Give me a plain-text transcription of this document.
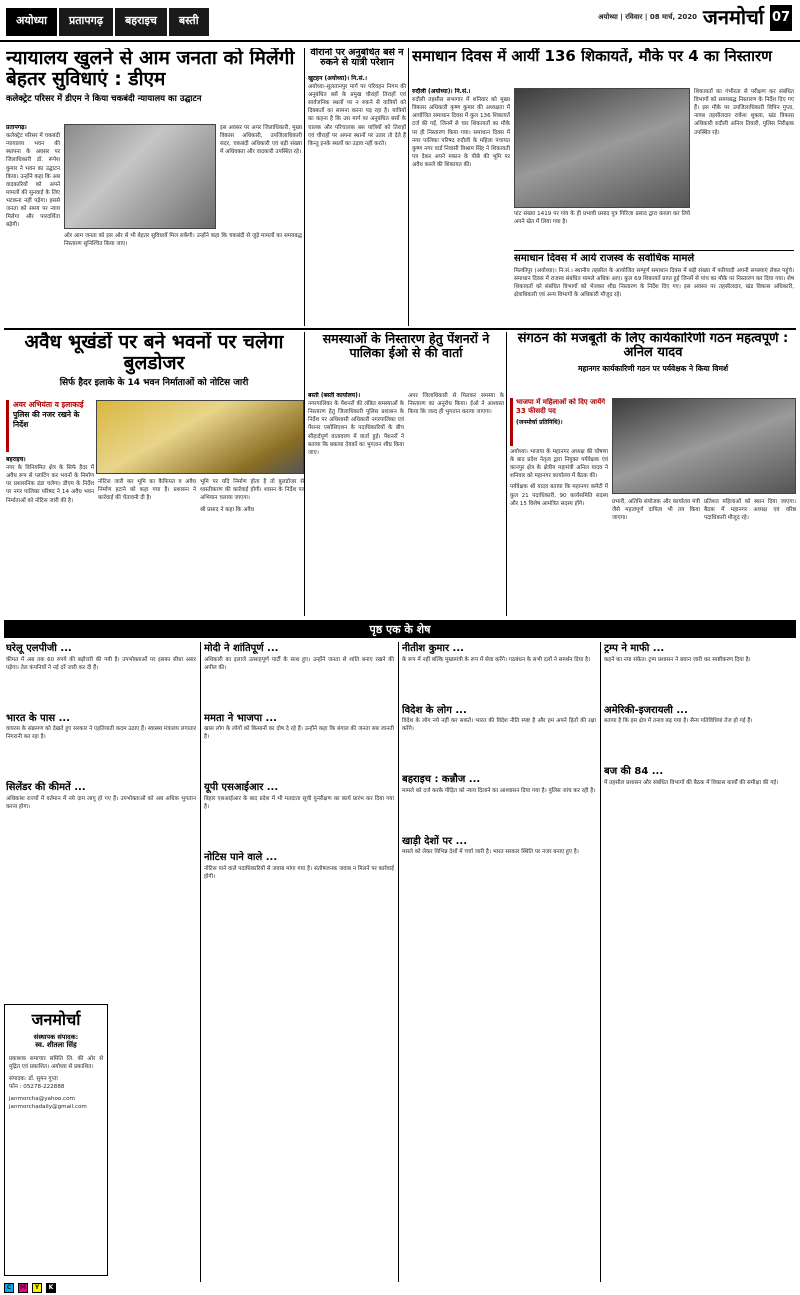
अयोध्या	प्रतापगढ़	बहराइच	बस्ती	अयोध्या | रविवार | 08 मार्च, 2020 जनमोर्चा 07
न्यायालय खुलने से आम जनता को मिलेंगी बेहतर सुविधाएं : डीएम
कलेक्ट्रेट परिसर में डीएम ने किया चकबंदी न्यायालय का उद्घाटन
प्रतापगढ़।
कलेक्ट्रेट परिसर में चकबंदी न्यायालय भवन की स्थापना के अवसर पर जिलाधिकारी डॉ. रूपेश कुमार ने भवन का उद्घाटन किया। उन्होंने कहा कि अब वादकारियों को अपने मामलों की सुनवाई के लिए भटकना नहीं पड़ेगा। इससे जनता को समय पर न्याय मिलेगा और पारदर्शिता बढ़ेगी।
इस अवसर पर अपर जिलाधिकारी, मुख्य विकास अधिकारी, उपजिलाधिकारी सदर, चकबंदी अधिकारी एवं बड़ी संख्या में अधिवक्ता और वादकारी उपस्थित रहे।
ओर आम जनता को इस ओर से भी बेहतर सुविधायें मिल सकेंगी। उन्होंने कहा कि चकबंदी से जुड़े मामलों का समयबद्ध निस्तारण सुनिश्चित किया जाए।
वीरानों पर अनुबंधित बसें न रुकने से यात्री परेशान
खुटहन (अयोध्या)। नि.सं.।
अयोध्या–सुलतानपुर मार्ग पर परिवहन निगम की अनुबंधित बसें के प्रमुख चौराहों तिराहों एवं सार्वजनिक स्थलों पर न रुकने से यात्रियों को दिक्कतों का सामना करना पड़ रहा है। यात्रियों का कहना है कि उस मार्ग पर अनुबंधित बसों के चालक और परिचालक बस यात्रियों को तिराहों एवं चौराहों पर अपना स्थानों पर उतार तो देते हैं किन्तु इनके स्थलों का उड़ाव नहीं करते।
समाधान दिवस में आयीं 136 शिकायतें, मौके पर 4 का निस्तारण
रुदौली (अयोध्या)। नि.सं.।
रुदौली तहसील सभागार में शनिवार को मुख्य विकास अधिकारी कृष्ण कुमार की अध्यक्षता में आयोजित समाधान दिवस में कुल 136 शिकायतें दर्ज की गईं, जिनमें से चार शिकायतों का मौके पर ही निस्तारण किया गया। समाधान दिवस में नगर पालिका परिषद रुदौली के महिला पंचायत कुष्ण नगर वार्ड निवासी विश्राम सिंह ने शिकायती पत्र देकर अपने मकान के पीछे की भूमि पर अवैध कब्जे की शिकायत की।
पांट संख्या 1419 पर गांव के ही प्रभावी प्रसाद पुत्र गिरिजा प्रसाद द्वारा कब्जा कर लिये अपने खेत में लिया गया है।
शिकायतों का गंभीरता से परीक्षण कर संबंधित विभागों को समयबद्ध निस्तारण के निर्देश दिए गए हैं। इस मौके पर उपजिलाधिकारी विपिन गुप्ता, नायब तहसीलदार राकेश शुक्ला, खंड विकास अधिकारी रुदौली अनिल तिवारी, पुलिस निरीक्षक उपस्थित रहे।
समाधान दिवस में आये राजस्व के सर्वाधिक मामले
मिल्कीपुर (अयोध्या)। नि.सं.। स्थानीय तहसील के आयोजित सम्पूर्ण समाधान दिवस में बड़ी संख्या में फरियादी अपनी समस्याएं लेकर पहुंचे। समाधान दिवस में राजस्व संबंधित मामले अधिक आए। कुल 69 शिकायतें प्राप्त हुई जिनमें से पांच का मौके पर निस्तारण कर दिया गया। शेष शिकायतों को संबंधित विभागों को भेजकर शीघ्र निस्तारण के निर्देश दिए गए। इस अवसर पर तहसीलदार, खंड विकास अधिकारी, क्षेत्राधिकारी एवं अन्य विभागों के अधिकारी मौजूद रहे।
अवैध भूखंडों पर बने भवनों पर चलेगा बुलडोजर
सिर्फ हैदर इलाके के 14 भवन निर्माताओं को नोटिस जारी
अवर अभियंता व इलाकाई
पुलिस की नजर रखने के निर्देश
बहराइच।
नगर के विनियमित क्षेत्र के सिर्फ हैदर में अवैध रूप से प्लाटिंग कर भवनों के निर्माण पर प्रशासनिक डंडा चलेगा। डीएम के निर्देश पर नगर पालिका परिषद ने 14 अवैध भवन निर्माताओं को नोटिस जारी की है।
नोटिस जारी कर भूमि का कैफियत व अवैध निर्माण हटाने को कहा गया है। प्रशासन ने कार्रवाई की चेतावनी दी है।
भूमि पर यदि निर्माण होता है तो बुलडोजर से ध्वस्तीकरण की कार्रवाई होगी। शासन के निर्देश पर अभियान चलाया जाएगा।
श्री प्रसाद ने कहा कि अवैध
समस्याओं के निस्तारण हेतु पेंशनरों ने पालिका ईओ से की वार्ता
बस्ती (बस्ती कार्यालय)।
नगरपालिका के पेंशनरों की लंबित समस्याओं के निस्तारण हेतु जिलाधिकारी पुलिस प्रशासन के निर्देश पर अधिशासी अधिकारी नगरपालिका एवं पेंशनर एसोसिएशन के पदाधिकारियों के बीच सौहार्दपूर्ण वातावरण में वार्ता हुई। पेंशनरों ने बताया कि बकाया देयकों का भुगतान शीघ्र किया जाए।
अपर जिलाधिकारी से मिलकर समस्या के निस्तारण का अनुरोध किया। ईओ ने आश्वस्त किया कि जल्द ही भुगतान कराया जाएगा।
संगठन की मजबूती के लिए कार्यकारिणी गठन महत्वपूर्ण : अनिल यादव
महानगर कार्यकारिणी गठन पर पर्यवेक्षक ने किया विमर्श
भाजपा में महिलाओं को दिए जायेंगे 33 फीसदी पद
(जनमोर्चा प्रतिनिधि)।
अयोध्या। भाजपा के महानगर अध्यक्ष की घोषणा के बाद प्रदेश नेतृत्व द्वारा नियुक्त पर्यवेक्षक एवं कानपुर क्षेत्र के क्षेत्रीय महामंत्री अनिल यादव ने शनिवार को महानगर कार्यालय में बैठक की।
पर्यवेक्षक श्री यादव बताया कि महानगर कमेटी में कुल 21 पदाधिकारी, 90 कार्यसमिति सदस्य और 15 विशेष आमंत्रित सदस्य होंगे।	प्रभारी, अतिथि संयोजक और कार्यालय मंत्री जैसे महत्वपूर्ण दायित्व भी तय किया जाएगा।
प्रतिशत महिलाओं को स्थान दिया जाएगा। बैठक में महानगर अध्यक्ष एवं वरिष्ठ पदाधिकारी मौजूद रहे।
पृष्ठ एक के शेष
घरेलू एलपीजी ...
कीमत में अब तक 60 रुपये की बढ़ोत्तरी की गयी है। उपभोक्ताओं पर इसका सीधा असर पड़ेगा। तेल कंपनियों ने नई दरें जारी कर दी हैं।
भारत के पास ...
वायरस के संक्रमण को देखते हुए सरकार ने एहतियाती कदम उठाए हैं। स्वास्थ्य मंत्रालय लगातार निगरानी कर रहा है।
सिलेंडर की कीमतें ...
अधिकांश राज्यों में वर्तमान में नये दाम लागू हो गए हैं। उपभोक्ताओं को अब अधिक भुगतान करना होगा।
मोदी ने शांतिपूर्ण ...
अधिकारी का इलाजे उत्साहपूर्ण पार्टी के साथ हुए। उन्होंने जनता से शांति बनाए रखने की अपील की।
ममता ने भाजपा ...
खास लोग के लोगों को किसानों का दोष दे रहे हैं। उन्होंने कहा कि बंगाल की जनता सब जानती है।
यूपी एसआईआर ...
बिहार एसआईआर के बाद प्रदेश में भी मतदाता सूची पुनरीक्षण का कार्य प्रारंभ कर दिया गया है।
नोटिस पाने वाले ...
नोटिस पाने वाले पदाधिकारियों से जवाब मांगा गया है। संतोषजनक जवाब न मिलने पर कार्रवाई होगी।
नीतीश कुमार ...
के रूप में नहीं बल्कि मुख्यमंत्री के रूप में सेवा करेंगे। गठबंधन के सभी दलों ने समर्थन दिया है।
विदेश के लोग ...
विदेश के लोग नये नहीं कर सकते। भारत की विदेश नीति स्पष्ट है और हम अपने हितों की रक्षा करेंगे।
बहराइच : कन्नौज ...
मामले को दर्ज करके पीड़ित को न्याय दिलाने का आश्वासन दिया गया है। पुलिस जांच कर रही है।
खाड़ी देशों पर ...
मसले को लेकर विभिन्न देशों में चर्चा जारी है। भारत सरकार स्थिति पर नजर बनाए हुए है।
ट्रम्प ने माफी ...
कहने का नया संकेत। ट्रम्प प्रशासन ने बयान जारी कर स्पष्टीकरण दिया है।
अमेरिकी-इजरायली ...
बताया है कि इस क्षेत्र में तनाव बढ़ गया है। सैन्य गतिविधियां तेज हो गई हैं।
बज की 84 ...
में तहसील प्रशासन और संबंधित विभागों की बैठक में विकास कार्यों की समीक्षा की गई।
जनमोर्चा
संस्थापक संपादक:
स्व. शीतला सिंह
प्रकाशक समाचार समिति लि. की ओर से मुद्रित एवं प्रकाशित। अयोध्या से प्रकाशित।
संपादक: डॉ. सुमन गुप्ता
फोन : 05278-222888
janmorcha@yahoo.com
janmorchadaily@gmail.com
C	M	Y	K
